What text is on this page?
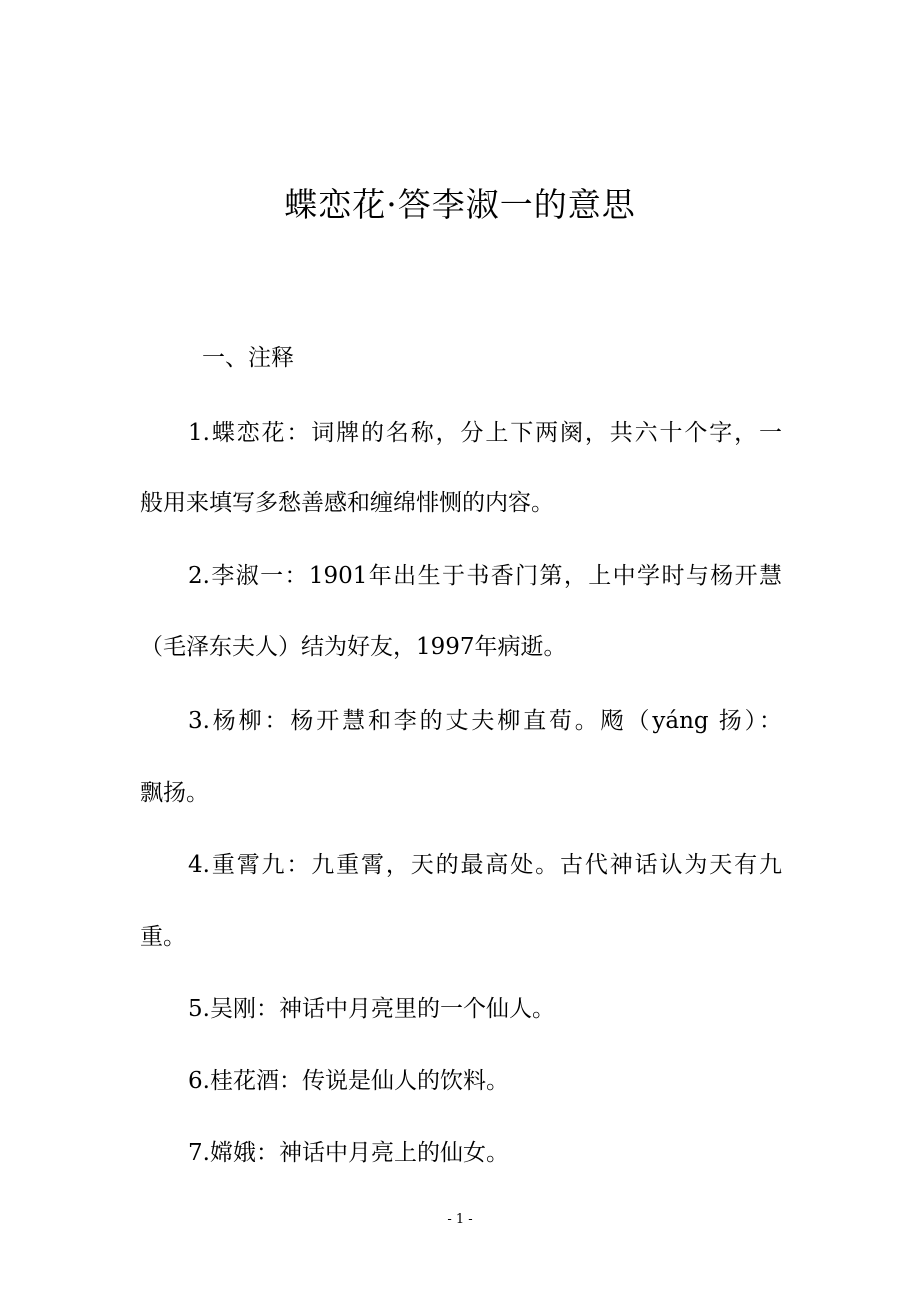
蝶恋花·答李淑一的意思

一、注释

1.蝶恋花：词牌的名称，分上下两阕，共六十个字，一

般用来填写多愁善感和缠绵悱恻的内容。

2.李淑一：1901年出生于书香门第，上中学时与杨开慧

（毛泽东夫人）结为好友，1997年病逝。

3.杨柳：杨开慧和李的丈夫柳直荀。飏（yáng 扬）：

飘扬。

4.重霄九：九重霄，天的最高处。古代神话认为天有九

重。

5.吴刚：神话中月亮里的一个仙人。

6.桂花酒：传说是仙人的饮料。

7.嫦娥：神话中月亮上的仙女。

- 1 -
